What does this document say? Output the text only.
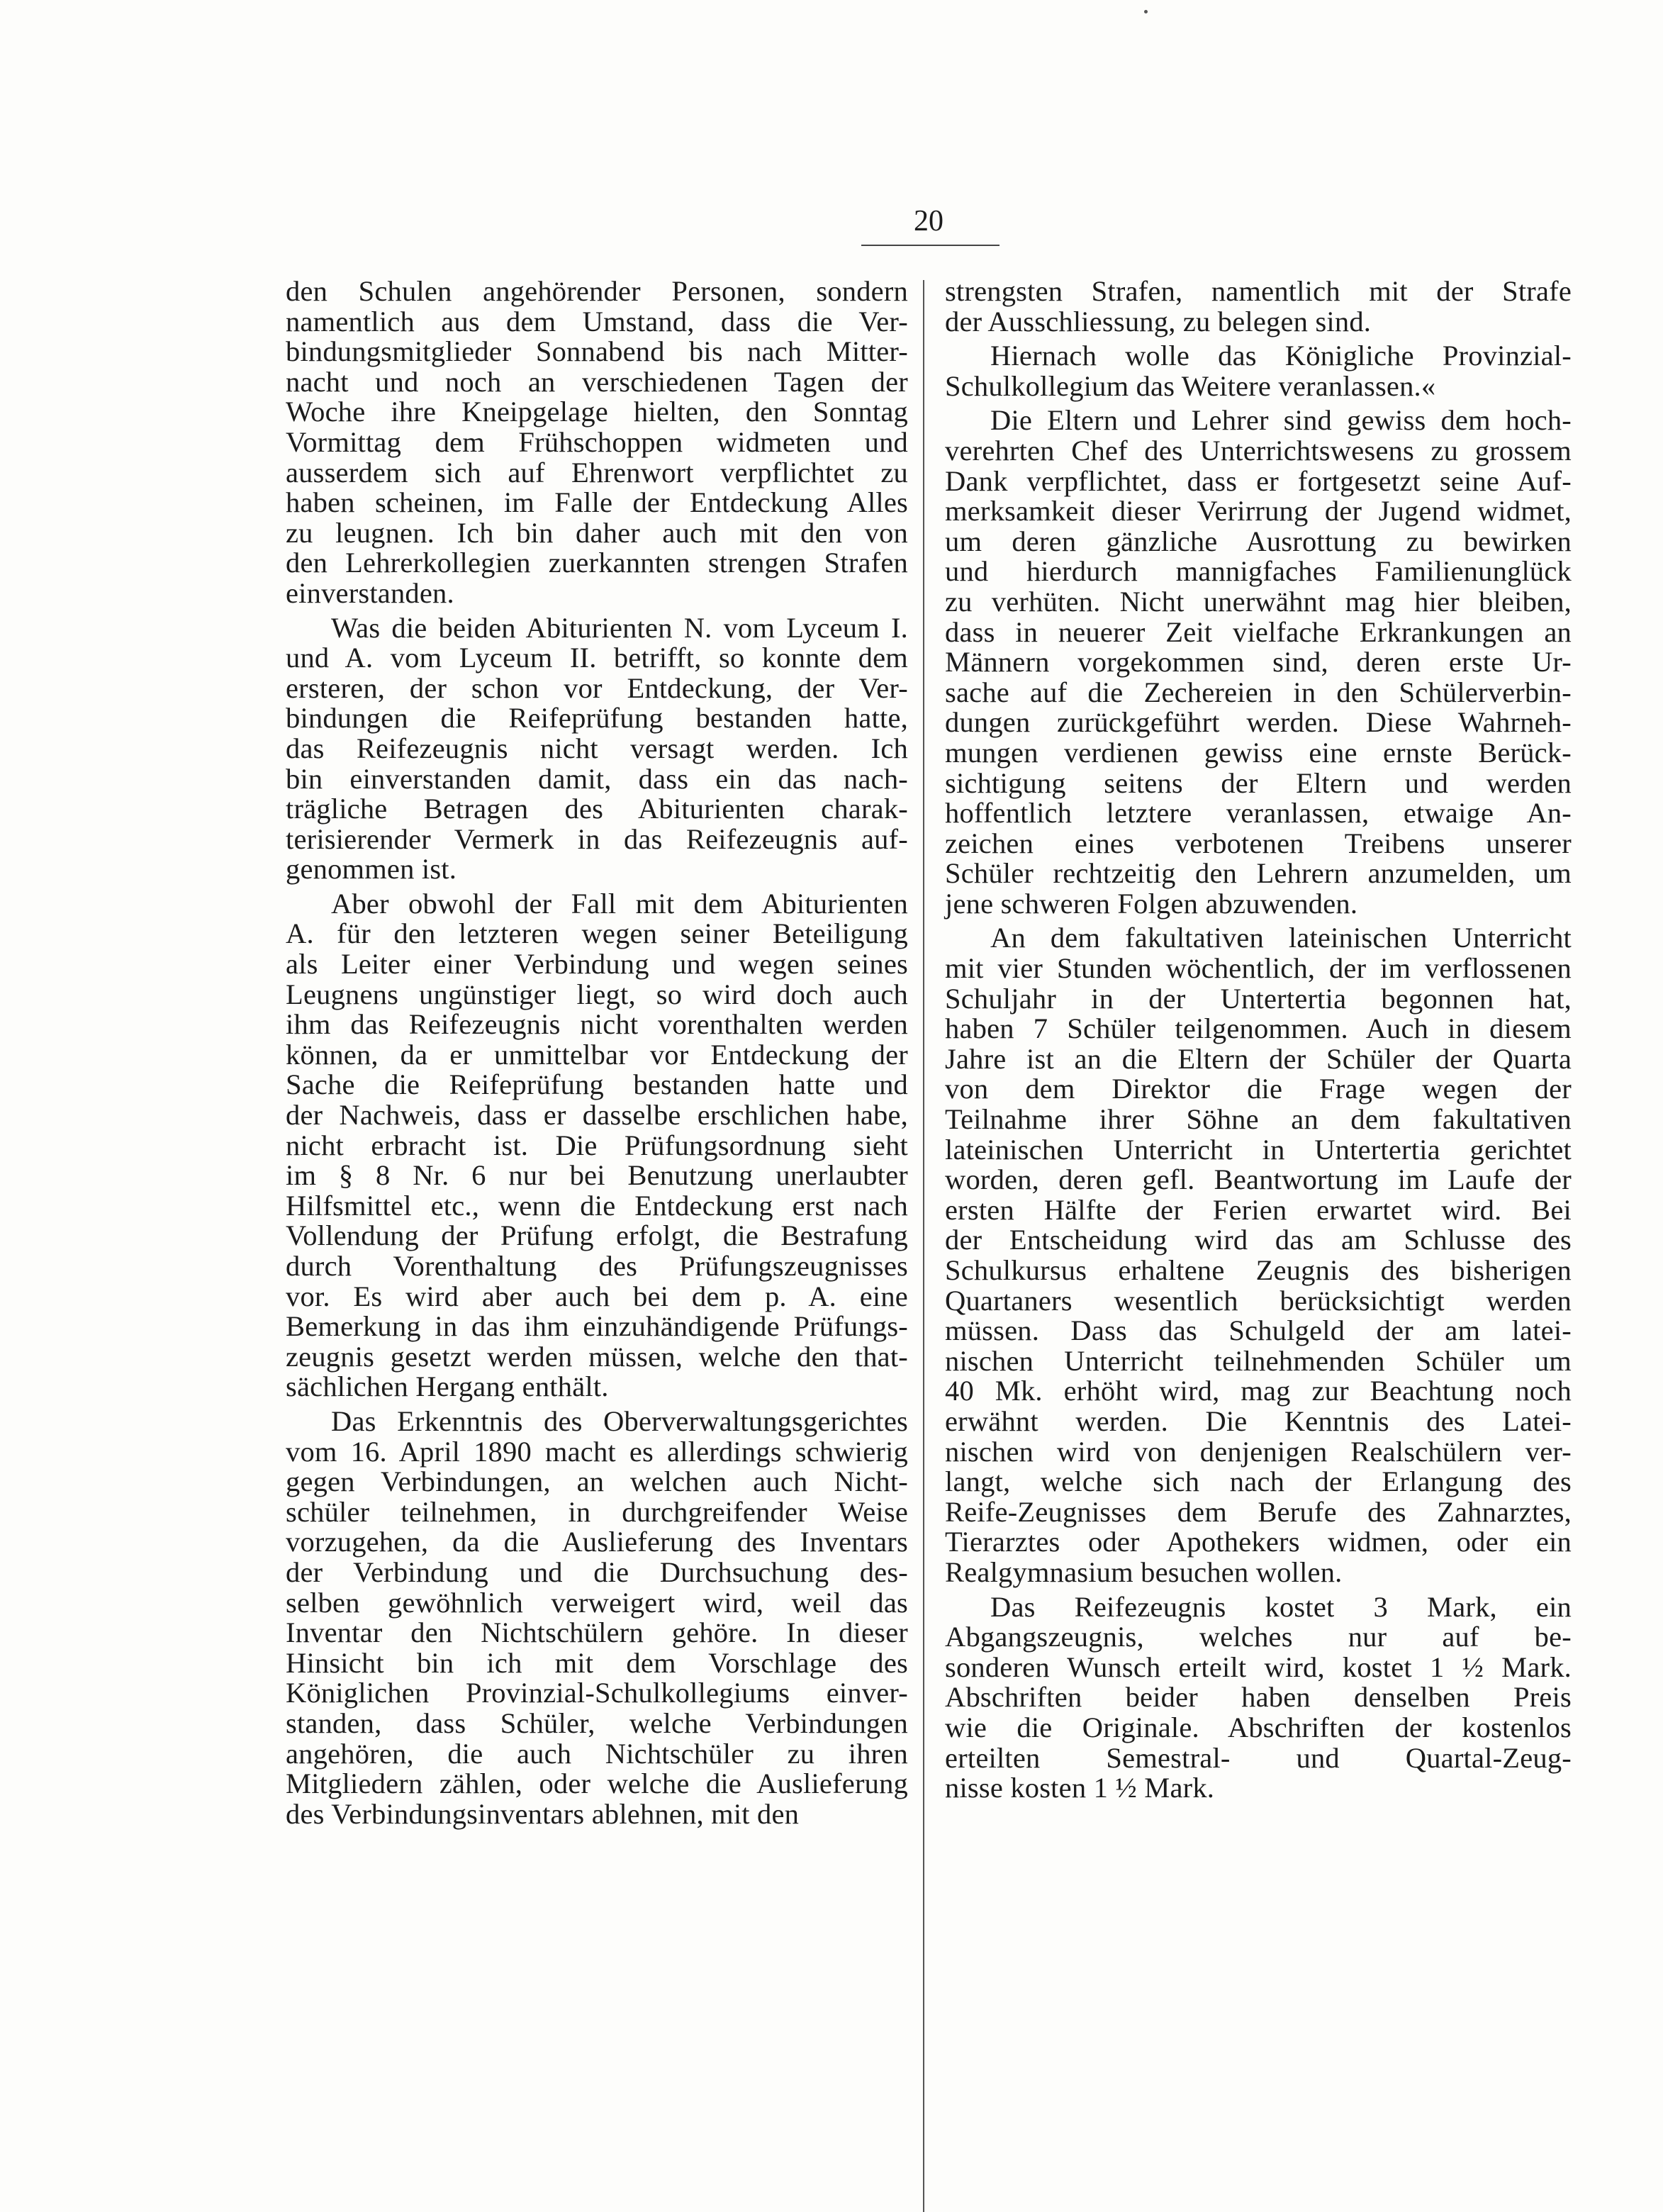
20
den Schulen angehörender Personen, sondern
namentlich aus dem Umstand, dass die Ver-
bindungsmitglieder Sonnabend bis nach Mitter-
nacht und noch an verschiedenen Tagen der
Woche ihre Kneipgelage hielten, den Sonntag
Vormittag dem Frühschoppen widmeten und
ausserdem sich auf Ehrenwort verpflichtet zu
haben scheinen, im Falle der Entdeckung Alles
zu leugnen. Ich bin daher auch mit den von
den Lehrerkollegien zuerkannten strengen Strafen
einverstanden.
Was die beiden Abiturienten N. vom Lyceum I.
und A. vom Lyceum II. betrifft, so konnte dem
ersteren, der schon vor Entdeckung, der Ver-
bindungen die Reifeprüfung bestanden hatte,
das Reifezeugnis nicht versagt werden. Ich
bin einverstanden damit, dass ein das nach-
trägliche Betragen des Abiturienten charak-
terisierender Vermerk in das Reifezeugnis auf-
genommen ist.
Aber obwohl der Fall mit dem Abiturienten
A. für den letzteren wegen seiner Beteiligung
als Leiter einer Verbindung und wegen seines
Leugnens ungünstiger liegt, so wird doch auch
ihm das Reifezeugnis nicht vorenthalten werden
können, da er unmittelbar vor Entdeckung der
Sache die Reifeprüfung bestanden hatte und
der Nachweis, dass er dasselbe erschlichen habe,
nicht erbracht ist. Die Prüfungsordnung sieht
im § 8 Nr. 6 nur bei Benutzung unerlaubter
Hilfsmittel etc., wenn die Entdeckung erst nach
Vollendung der Prüfung erfolgt, die Bestrafung
durch Vorenthaltung des Prüfungszeugnisses
vor. Es wird aber auch bei dem p. A. eine
Bemerkung in das ihm einzuhändigende Prüfungs-
zeugnis gesetzt werden müssen, welche den that-
sächlichen Hergang enthält.
Das Erkenntnis des Oberverwaltungsgerichtes
vom 16. April 1890 macht es allerdings schwierig
gegen Verbindungen, an welchen auch Nicht-
schüler teilnehmen, in durchgreifender Weise
vorzugehen, da die Auslieferung des Inventars
der Verbindung und die Durchsuchung des-
selben gewöhnlich verweigert wird, weil das
Inventar den Nichtschülern gehöre. In dieser
Hinsicht bin ich mit dem Vorschlage des
Königlichen Provinzial-Schulkollegiums einver-
standen, dass Schüler, welche Verbindungen
angehören, die auch Nichtschüler zu ihren
Mitgliedern zählen, oder welche die Auslieferung
des Verbindungsinventars ablehnen, mit den
strengsten Strafen, namentlich mit der Strafe
der Ausschliessung, zu belegen sind.
Hiernach wolle das Königliche Provinzial-
Schulkollegium das Weitere veranlassen.«
Die Eltern und Lehrer sind gewiss dem hoch-
verehrten Chef des Unterrichtswesens zu grossem
Dank verpflichtet, dass er fortgesetzt seine Auf-
merksamkeit dieser Verirrung der Jugend widmet,
um deren gänzliche Ausrottung zu bewirken
und hierdurch mannigfaches Familienunglück
zu verhüten. Nicht unerwähnt mag hier bleiben,
dass in neuerer Zeit vielfache Erkrankungen an
Männern vorgekommen sind, deren erste Ur-
sache auf die Zechereien in den Schülerverbin-
dungen zurückgeführt werden. Diese Wahrneh-
mungen verdienen gewiss eine ernste Berück-
sichtigung seitens der Eltern und werden
hoffentlich letztere veranlassen, etwaige An-
zeichen eines verbotenen Treibens unserer
Schüler rechtzeitig den Lehrern anzumelden, um
jene schweren Folgen abzuwenden.
An dem fakultativen lateinischen Unterricht
mit vier Stunden wöchentlich, der im verflossenen
Schuljahr in der Untertertia begonnen hat,
haben 7 Schüler teilgenommen. Auch in diesem
Jahre ist an die Eltern der Schüler der Quarta
von dem Direktor die Frage wegen der
Teilnahme ihrer Söhne an dem fakultativen
lateinischen Unterricht in Untertertia gerichtet
worden, deren gefl. Beantwortung im Laufe der
ersten Hälfte der Ferien erwartet wird. Bei
der Entscheidung wird das am Schlusse des
Schulkursus erhaltene Zeugnis des bisherigen
Quartaners wesentlich berücksichtigt werden
müssen. Dass das Schulgeld der am latei-
nischen Unterricht teilnehmenden Schüler um
40 Mk. erhöht wird, mag zur Beachtung noch
erwähnt werden. Die Kenntnis des Latei-
nischen wird von denjenigen Realschülern ver-
langt, welche sich nach der Erlangung des
Reife-Zeugnisses dem Berufe des Zahnarztes,
Tierarztes oder Apothekers widmen, oder ein
Realgymnasium besuchen wollen.
Das Reifezeugnis kostet 3 Mark, ein
Abgangszeugnis, welches nur auf be-
sonderen Wunsch erteilt wird, kostet 1 ½ Mark.
Abschriften beider haben denselben Preis
wie die Originale. Abschriften der kostenlos
erteilten Semestral- und Quartal-Zeug-
nisse kosten 1 ½ Mark.
